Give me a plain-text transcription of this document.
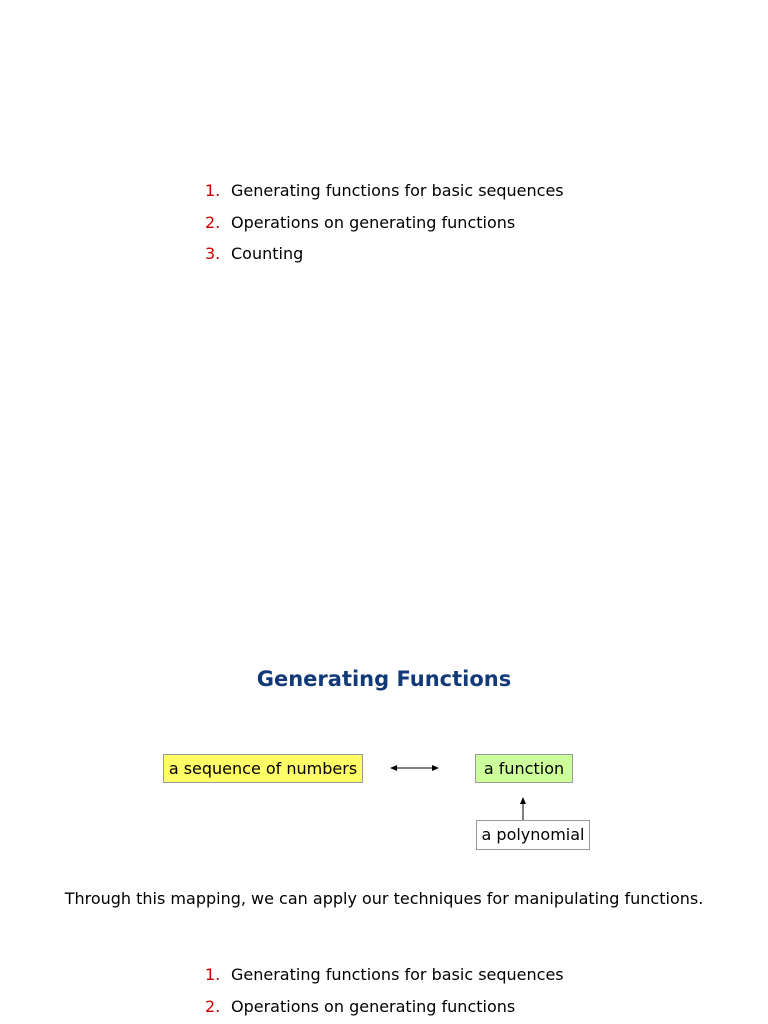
1. Generating functions for basic sequences
2. Operations on generating functions
3. Counting
Generating Functions
a sequence of numbers	a function
a polynomial
Through this mapping, we can apply our techniques for manipulating functions.
1. Generating functions for basic sequences
2. Operations on generating functions
